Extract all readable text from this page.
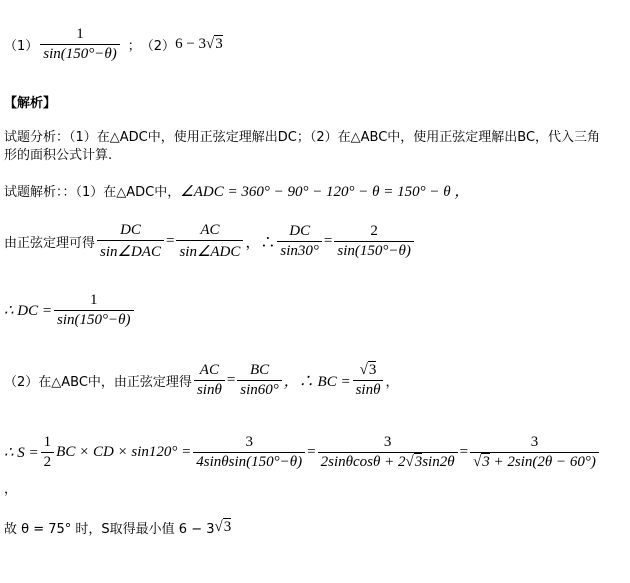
$(1) \frac{1}{\sin(150^\circ-\theta)}$ ； （2） 6 − 3 √3
【解析】
试题分析：（1）在△ADC中，使用正弦定理解出DC；（2）在△ABC中，使用正弦定理解出BC，代入三角
形的面积公式计算.
试题解析：：（1）在△ADC中， ∠ADC = 360° − 90° − 120° − θ = 150° − θ ，
由正弦定理可得 $\frac{DC}{\text{sin∠DAC}} = \frac{AC}{\text{sin∠ADC}}$ ，∴ $\frac{DC}{\sin 30^\circ} = \frac{2}{\sin(150^\circ-\theta)}$
∴ DC = $\frac{1}{\sin(150^\circ-\theta)}$
（2）在△ABC中，由正弦定理得 $\frac{AC}{\sin\theta} = \frac{BC}{\sin 60^\circ}$ ，∴ BC = $\frac{√3}{\sin\theta}$ ，
∴ $S = \frac{1}{2}$ BC × CD × $\sin 120^\circ = \frac{3}{4\sin\theta\sin(150^\circ-\theta)} = \frac{3}{2\sin\theta\cos\theta + 2√3\sin 2\theta} = \frac{3}{√3 + 2\sin(2\theta - 60^\circ)}$
，
故 θ = 75° 时，S取得最小值 6 − 3 √3
